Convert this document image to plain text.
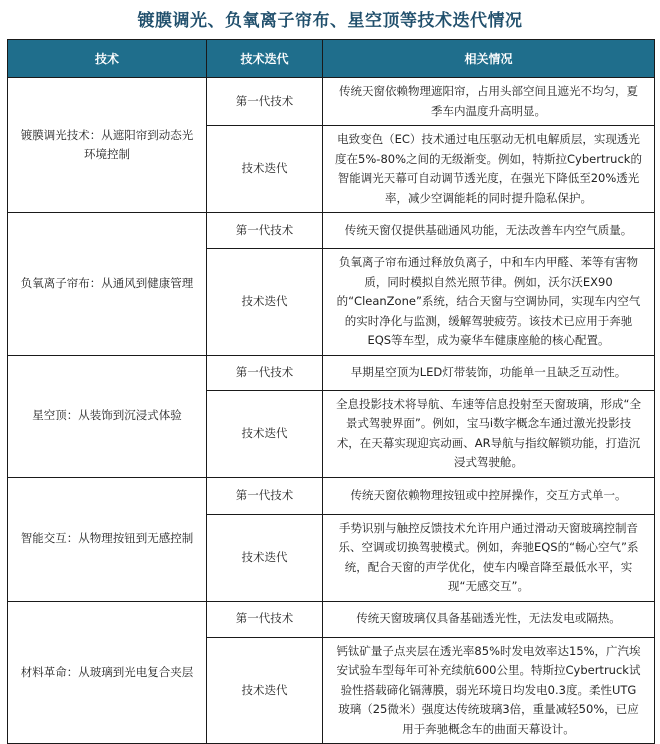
镀膜调光、负氧离子帘布、星空顶等技术迭代情况
技术	技术迭代	相关情况
镀膜调光技术：从遮阳帘到动态光环境控制	第一代技术	传统天窗依赖物理遮阳帘，占用头部空间且遮光不均匀，夏季车内温度升高明显。
	技术迭代	电致变色（EC）技术通过电压驱动无机电解质层，实现透光度在5%-80%之间的无级渐变。例如，特斯拉Cybertruck的智能调光天幕可自动调节透光度，在强光下降低至20%透光率，减少空调能耗的同时提升隐私保护。
负氧离子帘布：从通风到健康管理	第一代技术	传统天窗仅提供基础通风功能，无法改善车内空气质量。
	技术迭代	负氧离子帘布通过释放负离子，中和车内甲醛、苯等有害物质，同时模拟自然光照节律。例如，沃尔沃EX90的“CleanZone”系统，结合天窗与空调协同，实现车内空气的实时净化与监测，缓解驾驶疲劳。该技术已应用于奔驰EQS等车型，成为豪华车健康座舱的核心配置。
星空顶：从装饰到沉浸式体验	第一代技术	早期星空顶为LED灯带装饰，功能单一且缺乏互动性。
	技术迭代	全息投影技术将导航、车速等信息投射至天窗玻璃，形成“全景式驾驶界面”。例如，宝马i数字概念车通过激光投影技术，在天幕实现迎宾动画、AR导航与指纹解锁功能，打造沉浸式驾驶舱。
智能交互：从物理按钮到无感控制	第一代技术	传统天窗依赖物理按钮或中控屏操作，交互方式单一。
	技术迭代	手势识别与触控反馈技术允许用户通过滑动天窗玻璃控制音乐、空调或切换驾驶模式。例如，奔驰EQS的“畅心空气”系统，配合天窗的声学优化，使车内噪音降至最低水平，实现“无感交互”。
材料革命：从玻璃到光电复合夹层	第一代技术	传统天窗玻璃仅具备基础透光性，无法发电或隔热。
	技术迭代	钙钛矿量子点夹层在透光率85%时发电效率达15%，广汽埃安试验车型每年可补充续航600公里。特斯拉Cybertruck试验性搭载碲化镉薄膜，弱光环境日均发电0.3度。柔性UTG玻璃（25微米）强度达传统玻璃3倍，重量减轻50%，已应用于奔驰概念车的曲面天幕设计。
